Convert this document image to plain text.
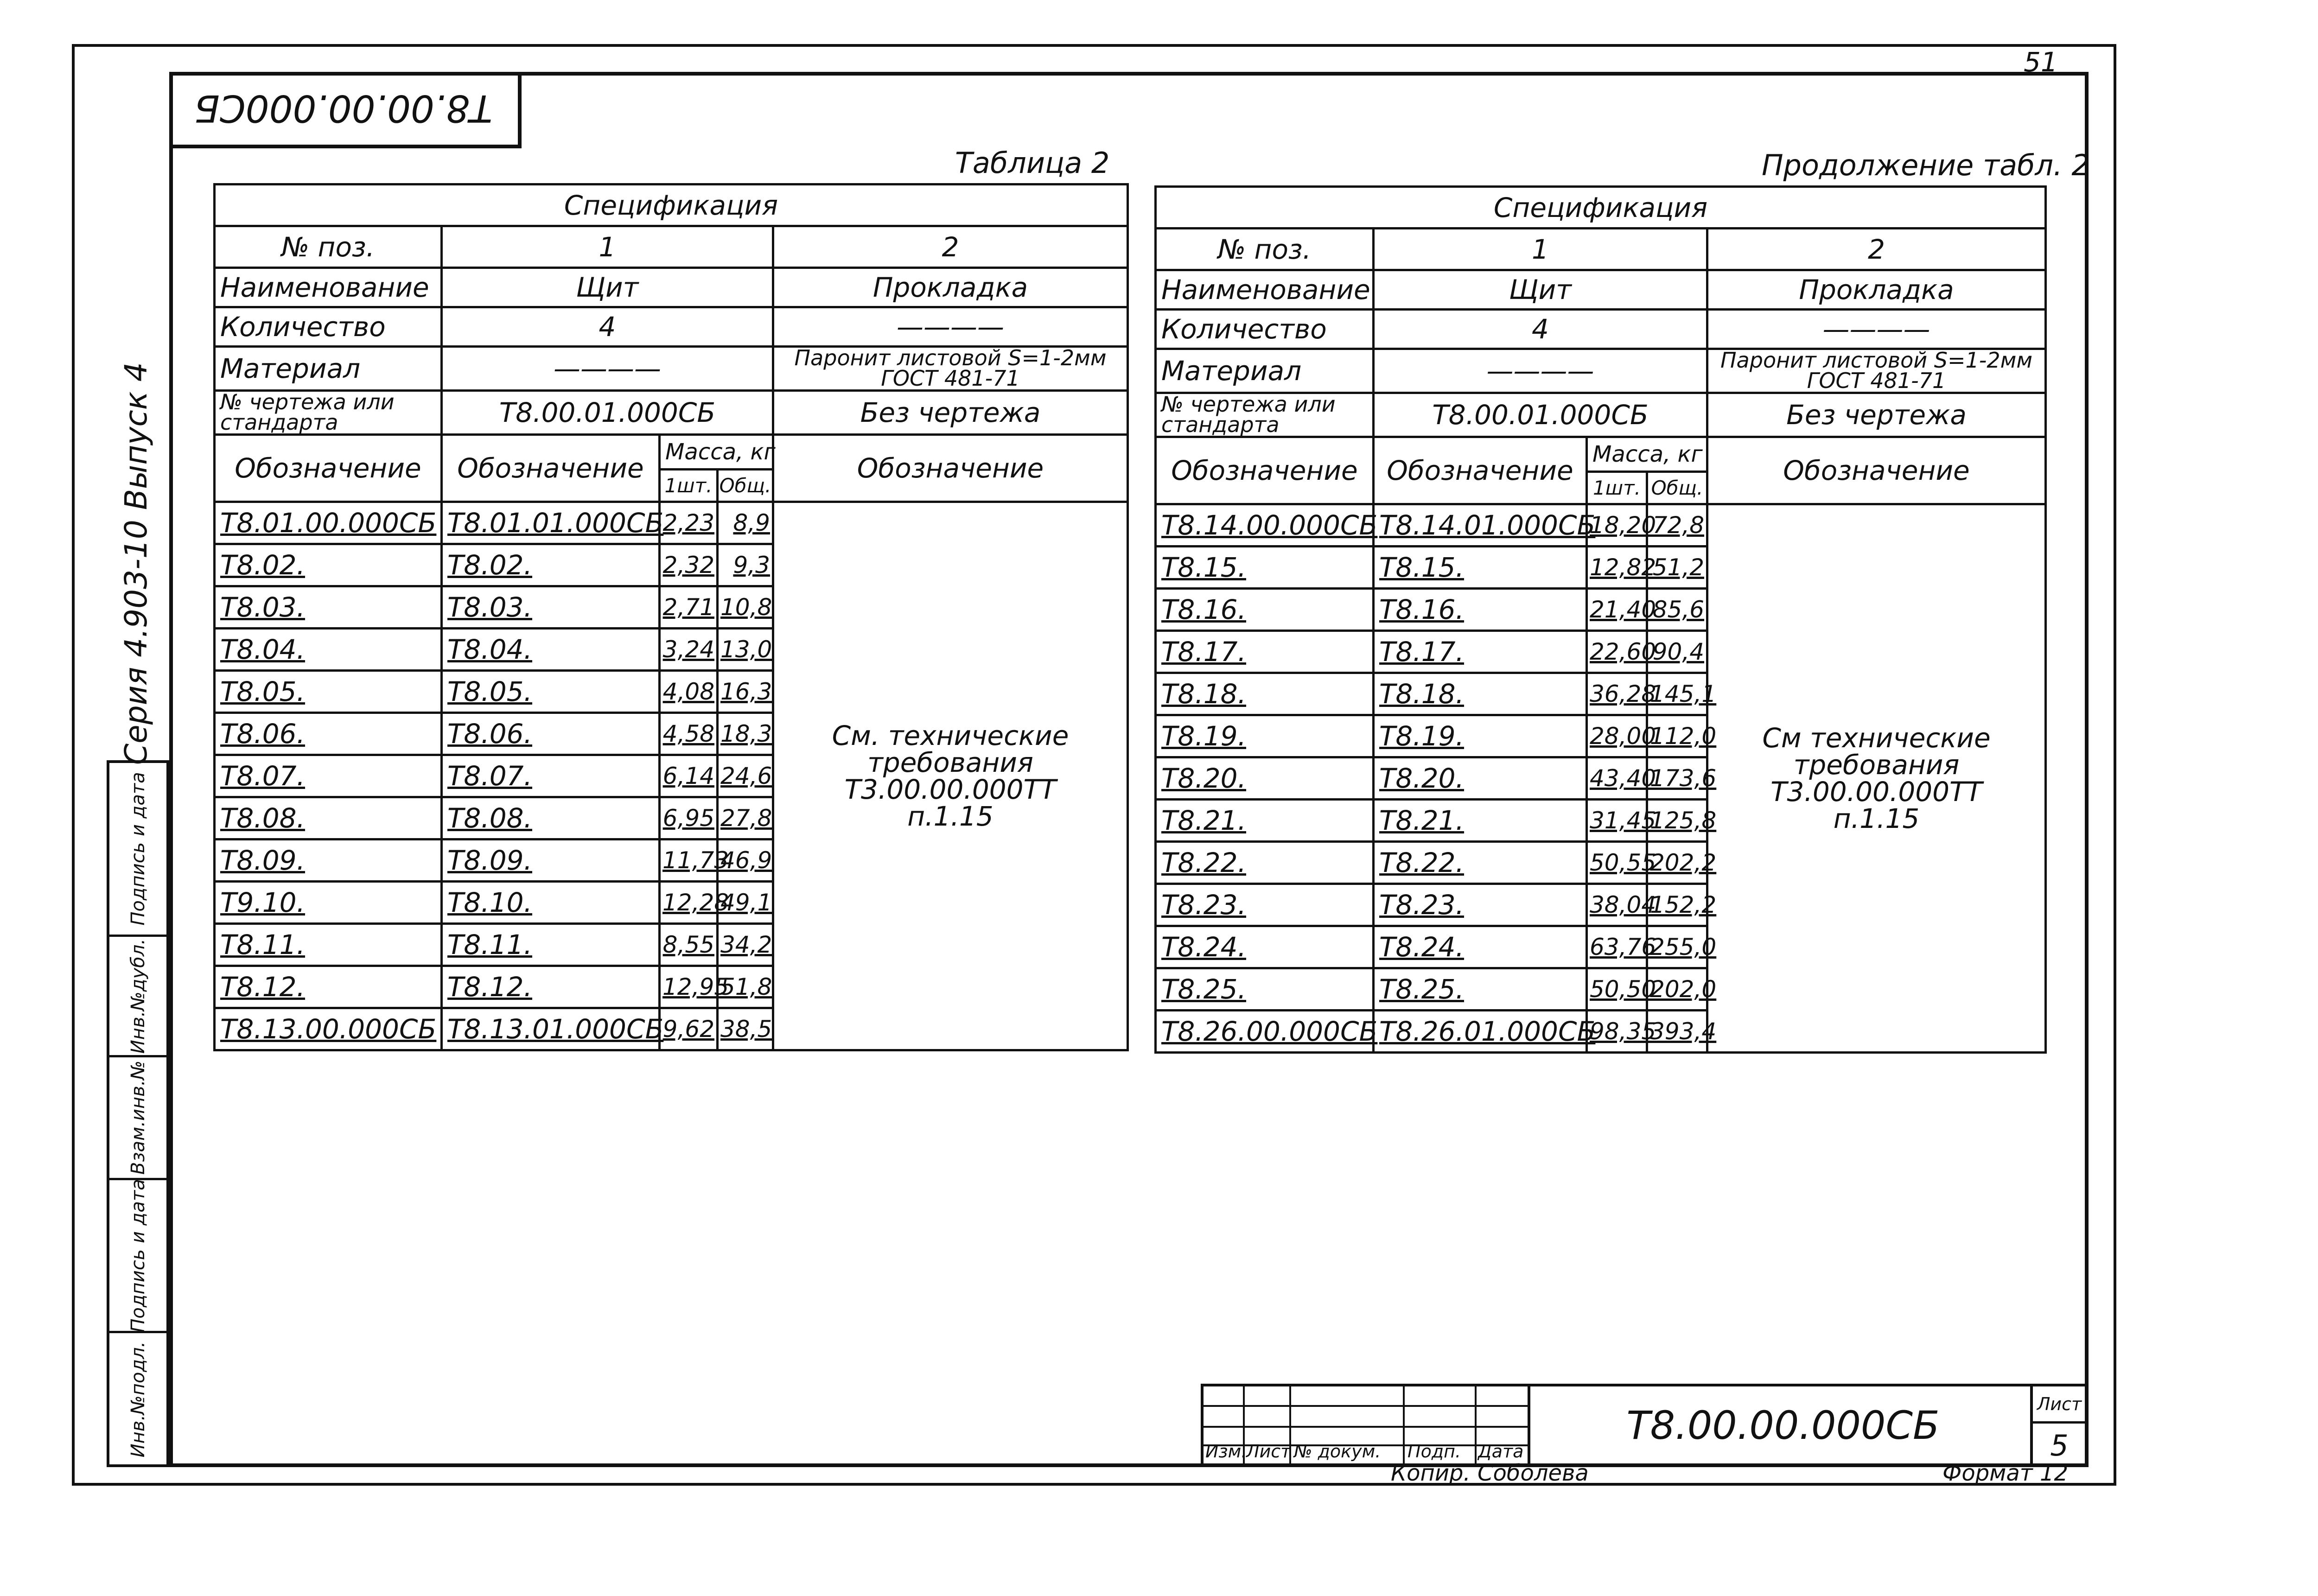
Т8.00.00.000СБ
51
Серия 4.903-10 Выпуск 4
Подпись и дата
Инв.№дубл.
Взам.инв.№
Подпись и дата
Инв.№подл.
Таблица 2
Спецификация				
№ поз.	1			2
Наименование	Щит			Прокладка
Количество	4			————
Материал	————			Паронит листовой S=1-2мм ГОСТ 481-71
№ чертежа или стандарта	Т8.00.01.000СБ			Без чертежа
Обозначение	Обозначение	Масса, кг		Обозначение
		1шт.	Общ.	
Т8.01.00.000СБ	Т8.01.01.000СБ	2,23	8,9	См. технические
требования
Т3.00.00.000ТТ
п.1.15

Т8.02.	Т8.02.	2,32	9,3	
Т8.03.	Т8.03.	2,71	10,8	
Т8.04.	Т8.04.	3,24	13,0	
Т8.05.	Т8.05.	4,08	16,3	
Т8.06.	Т8.06.	4,58	18,3	
Т8.07.	Т8.07.	6,14	24,6	
Т8.08.	Т8.08.	6,95	27,8	
Т8.09.	Т8.09.	11,73	46,9	
Т9.10.	Т8.10.	12,28	49,1	
Т8.11.	Т8.11.	8,55	34,2	
Т8.12.	Т8.12.	12,95	51,8	
Т8.13.00.000СБ	Т8.13.01.000СБ	9,62	38,5	
Продолжение табл. 2
Спецификация				
№ поз.	1			2
Наименование	Щит			Прокладка
Количество	4			————
Материал	————			Паронит листовой S=1-2мм ГОСТ 481-71
№ чертежа или стандарта	Т8.00.01.000СБ			Без чертежа
Обозначение	Обозначение	Масса, кг		Обозначение
		1шт.	Общ.	
Т8.14.00.000СБ	Т8.14.01.000СБ	18,20	72,8	См технические
требования
Т3.00.00.000ТТ
п.1.15

Т8.15.	Т8.15.	12,82	51,2	
Т8.16.	Т8.16.	21,40	85,6	
Т8.17.	Т8.17.	22,60	90,4	
Т8.18.	Т8.18.	36,28	145,1	
Т8.19.	Т8.19.	28,00	112,0	
Т8.20.	Т8.20.	43,40	173,6	
Т8.21.	Т8.21.	31,45	125,8	
Т8.22.	Т8.22.	50,55	202,2	
Т8.23.	Т8.23.	38,04	152,2	
Т8.24.	Т8.24.	63,76	255,0	
Т8.25.	Т8.25.	50,50	202,0	
Т8.26.00.000СБ	Т8.26.01.000СБ	98,35	393,4	
Изм.
Лист № докум. Подп. Дата
Т8.00.00.000СБ	Лист
5
Копир. Соболева	Формат 12
